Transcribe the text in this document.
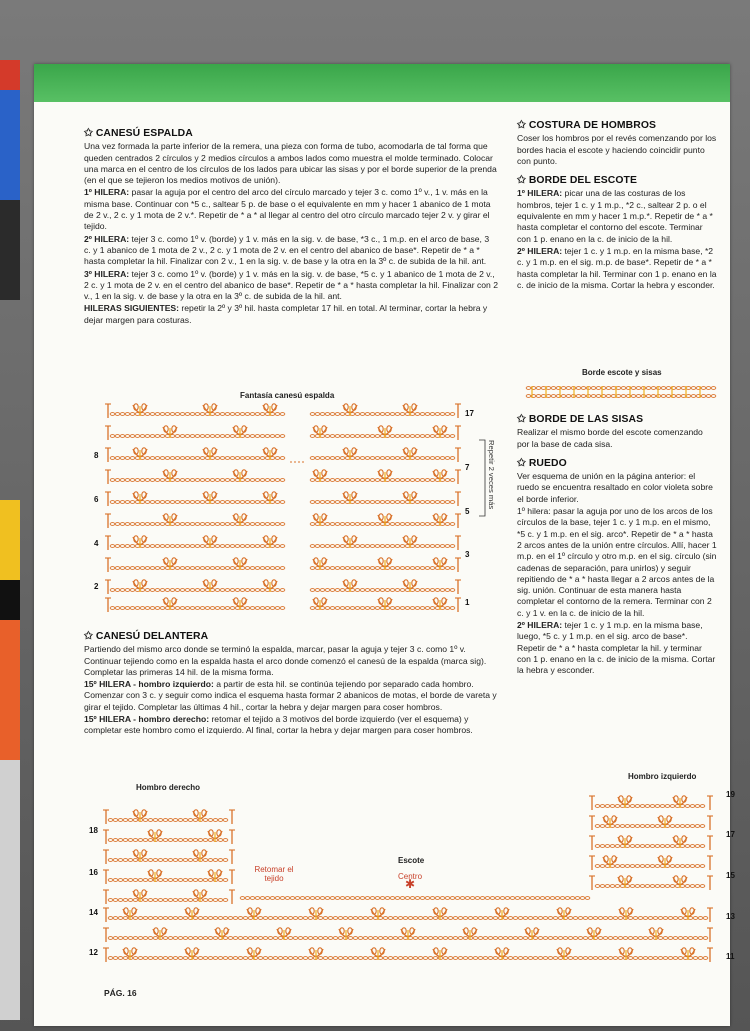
✩ CANESÚ ESPALDA

Una vez formada la parte inferior de la remera, una pieza con forma de tubo, acomodarla de tal forma que queden centrados 2 círculos y 2 medios círculos a ambos lados como muestra el molde terminado. Colocar una marca en el centro de los círculos de los lados para ubicar las sisas y por el borde superior de la prenda (en el que se tejieron los medios motivos de unión).

1º HILERA: pasar la aguja por el centro del arco del círculo marcado y tejer 3 c. como 1º v., 1 v. más en la misma base. Continuar con *5 c., saltear 5 p. de base o el equivalente en mm y hacer 1 abanico de 1 mota de 2 v., 2 c. y 1 mota de 2 v.*. Repetir de * a * al llegar al centro del otro círculo marcado tejer 2 v. y girar el tejido.

2º HILERA: tejer 3 c. como 1º v. (borde) y 1 v. más en la sig. v. de base, *3 c., 1 m.p. en el arco de base, 3 c. y 1 abanico de 1 mota de 2 v., 2 c. y 1 mota de 2 v. en el centro del abanico de base*. Repetir de * a * hasta completar la hil. Finalizar con 2 v., 1 en la sig. v. de base y la otra en la 3º c. de subida de la hil. ant.

3º HILERA: tejer 3 c. como 1º v. (borde) y 1 v. más en la sig. v. de base, *5 c. y 1 abanico de 1 mota de 2 v., 2 c. y 1 mota de 2 v. en el centro del abanico de base*. Repetir de * a * hasta completar la hil. Finalizar con 2 v., 1 en la sig. v. de base y la otra en la 3º c. de subida de la hil. ant.

HILERAS SIGUIENTES: repetir la 2º y 3º hil. hasta completar 17 hil. en total. Al terminar, cortar la hebra y dejar margen para costuras.

Fantasía canesú espalda
8
6
4
2
17
7
5
3
1
Repetir 2 veces más

✩ CANESÚ DELANTERA

Partiendo del mismo arco donde se terminó la espalda, marcar, pasar la aguja y tejer 3 c. como 1º v. Continuar tejiendo como en la espalda hasta el arco donde comenzó el canesú de la espalda (marca sig). Completar las primeras 14 hil. de la misma forma.

15º HILERA - hombro izquierdo: a partir de esta hil. se continúa tejiendo por separado cada hombro. Comenzar con 3 c. y seguir como indica el esquema hasta formar 2 abanicos de motas, el borde de vareta y girar el tejido. Completar las últimas 4 hil., cortar la hebra y dejar margen para coser hombros.

15º HILERA - hombro derecho: retomar el tejido a 3 motivos del borde izquierdo (ver el esquema) y completar este hombro como el izquierdo. Al final, cortar la hebra y dejar margen para coser hombros.

✩ COSTURA DE HOMBROS

Coser los hombros por el revés comenzando por los bordes hacia el escote y haciendo coincidir punto con punto.

✩ BORDE DEL ESCOTE

1º HILERA: picar una de las costuras de los hombros, tejer 1 c. y 1 m.p., *2 c., saltear 2 p. o el equivalente en mm y hacer 1 m.p.*. Repetir de * a * hasta completar el contorno del escote. Terminar con 1 p. enano en la c. de inicio de la hil.

2º HILERA: tejer 1 c. y 1 m.p. en la misma base, *2 c. y 1 m.p. en el sig. m.p. de base*. Repetir de * a * hasta completar la hil. Terminar con 1 p. enano en la c. de inicio de la misma. Cortar la hebra y esconder.

Borde escote y sisas

✩ BORDE DE LAS SISAS

Realizar el mismo borde del escote comenzando por la base de cada sisa.

✩ RUEDO

Ver esquema de unión en la página anterior: el ruedo se encuentra resaltado en color violeta sobre el borde inferior.

1º hilera: pasar la aguja por uno de los arcos de los círculos de la base, tejer 1 c. y 1 m.p. en el mismo, *5 c. y 1 m.p. en el sig. arco*. Repetir de * a * hasta 2 arcos antes de la unión entre círculos. Allí, hacer 1 m.p. en el 1º círculo y otro m.p. en el sig. círculo (sin cadenas de separación, para unirlos) y seguir repitiendo de * a * hasta llegar a 2 arcos antes de la sig. unión. Continuar de esta manera hasta completar el contorno de la remera. Terminar con 2 c. y 1 v. en la c. de inicio de la hil.

2º HILERA: tejer 1 c. y 1 m.p. en la misma base, luego, *5 c. y 1 m.p. en el sig. arco de base*. Repetir de * a * hasta completar la hil. y terminar con 1 p. enano en la c. de inicio de la misma. Cortar la hebra y esconder.

✱
Hombro derecho
Hombro izquierdo
Retomar el tejido
Escote
Centro
18
16
14
12
19
17
15
13
11
PÁG. 16
